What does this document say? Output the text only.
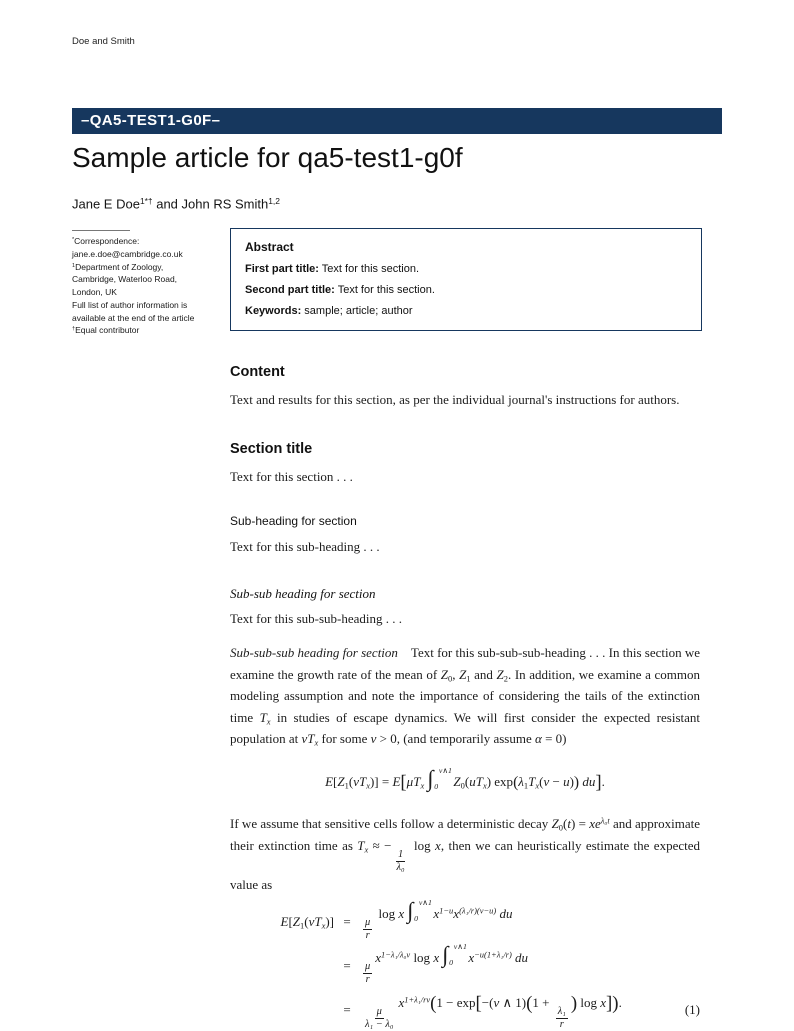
Doe and Smith
–QA5-TEST1-G0F–
Sample article for qa5-test1-g0f
Jane E Doe$^{1*\dagger}$ and John RS Smith$^{1,2}$
*Correspondence:
jane.e.doe@cambridge.co.uk
$^1$Department of Zoology,
Cambridge, Waterloo Road,
London, UK
Full list of author information is
available at the end of the article
†Equal contributor
Abstract
First part title: Text for this section.
Second part title: Text for this section.
Keywords: sample; article; author
Content

Text and results for this section, as per the individual journal's instructions for authors.

Section title

Text for this section . . .

Sub-heading for section

Text for this sub-heading . . .

Sub-sub heading for section

Text for this sub-sub-heading . . .

Sub-sub-sub heading for section Text for this sub-sub-sub-heading . . . In this section we examine the growth rate of the mean of $Z_0$, $Z_1$ and $Z_2$. In addition, we examine a common modeling assumption and note the importance of considering the tails of the extinction time Tx in studies of escape dynamics. We will first consider the expected resistant population at vTx for some v > 0, (and temporarily assume α = 0)

$E[Z_1(vTx)] = E[\mu Tx$ ∫ v∧1
0 $Z_0(uTx) \exp(\lambda_1Tx(v - u))$ du].

If we assume that sensitive cells follow a deterministic decay $Z_0(t) = xe^{\lambda_0t}$ and approximate their extinction time as Tx ≈ −
$\frac{1}{\text{λ₀}}$
log x, then we can heuristically estimate the expected value as

$E[Z_1(vTx)] = \frac{\mu}{r}$
log x ∫ v∧1
0 $x^{1-u}x^{(\lambda_1/r)(v-u)}$ du
= $\frac{\mu}{r}$
$x^{1-\lambda_1/\lambda_0v}$ log x ∫ v∧1
0 $x^{-u(1+\lambda_1/r)}$ du
= $\frac{\mu}{\text{λ₁ − λ₀}}$
$x^{1+\lambda_1/rv}(1 - \exp[-(v$ ∧ 1)(1 +
$\frac{\text{λ₁}}{r}$
) log x]).	(1)
